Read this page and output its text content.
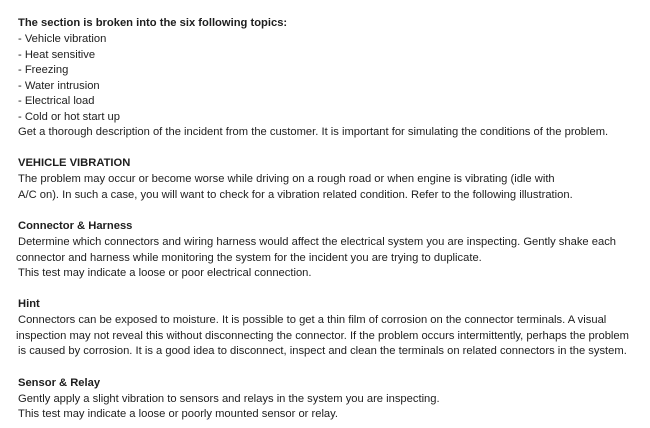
The section is broken into the six following topics:
- Vehicle vibration
- Heat sensitive
- Freezing
- Water intrusion
- Electrical load
- Cold or hot start up
Get a thorough description of the incident from the customer. It is important for simulating the conditions of the problem.
VEHICLE VIBRATION
The problem may occur or become worse while driving on a rough road or when engine is vibrating (idle with
A/C on). In such a case, you will want to check for a vibration related condition. Refer to the following illustration.
Connector & Harness
Determine which connectors and wiring harness would affect the electrical system you are inspecting. Gently shake each
connector and harness while monitoring the system for the incident you are trying to duplicate.
This test may indicate a loose or poor electrical connection.
Hint
Connectors can be exposed to moisture. It is possible to get a thin film of corrosion on the connector terminals. A visual
inspection may not reveal this without disconnecting the connector. If the problem occurs intermittently, perhaps the problem
is caused by corrosion. It is a good idea to disconnect, inspect and clean the terminals on related connectors in the system.
Sensor & Relay
Gently apply a slight vibration to sensors and relays in the system you are inspecting.
This test may indicate a loose or poorly mounted sensor or relay.
